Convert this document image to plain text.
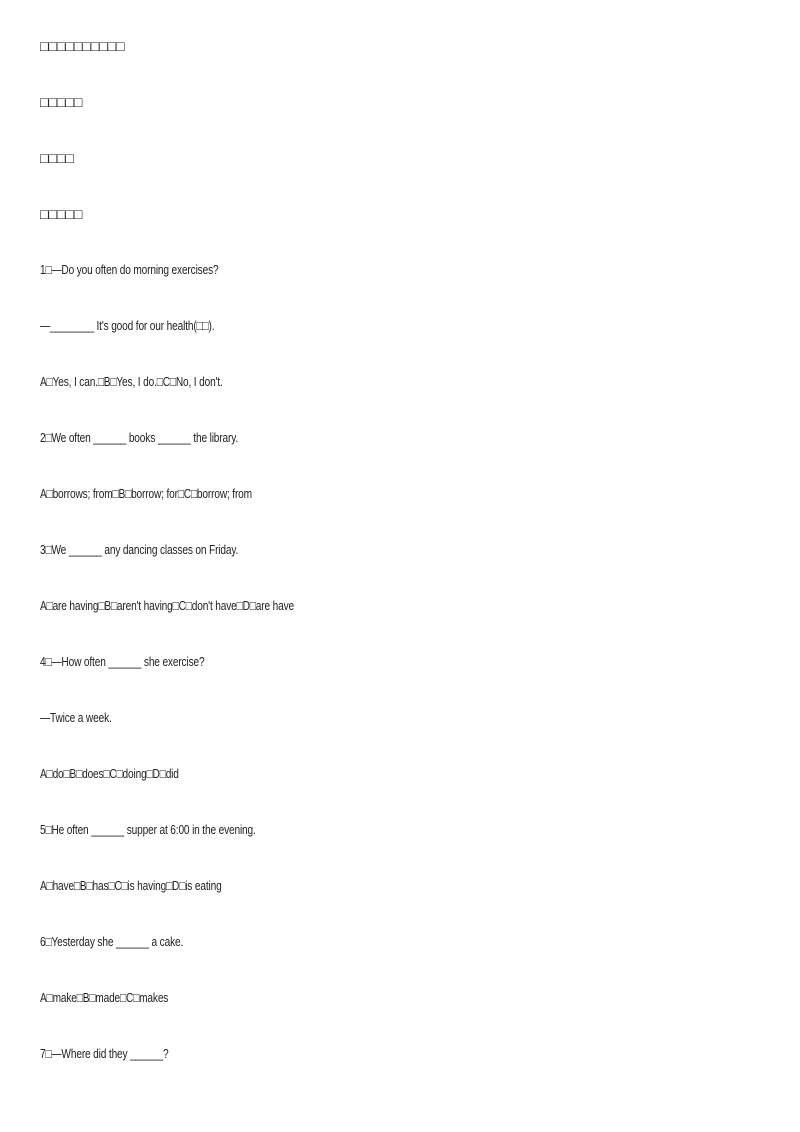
□□□□□□□□□□
□□□□□
□□□□
□□□□□
1□—Do you often do morning exercises?
—________ It's good for our health(□□).
A□Yes, I can.□B□Yes, I do.□C□No, I don't.
2□We often ______ books ______ the library.
A□borrows; from□B□borrow; for□C□borrow; from
3□We ______ any dancing classes on Friday.
A□are having□B□aren't having□C□don't have□D□are have
4□—How often ______ she exercise?
—Twice a week.
A□do□B□does□C□doing□D□did
5□He often ______ supper at 6:00 in the evening.
A□have□B□has□C□is having□D□is eating
6□Yesterday she ______ a cake.
A□make□B□made□C□makes
7□—Where did they ______?
